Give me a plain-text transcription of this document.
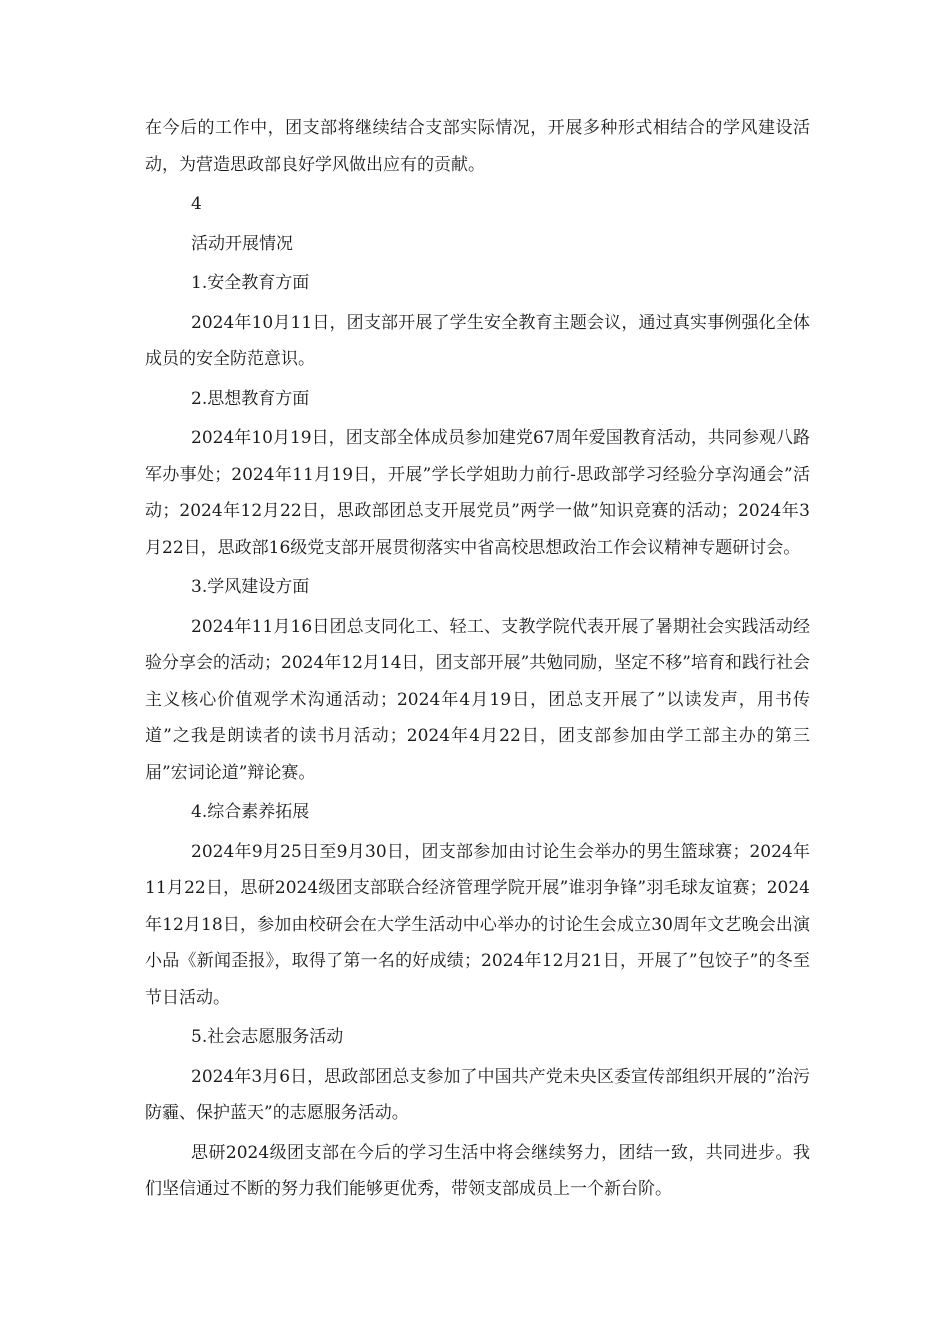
在今后的工作中，团支部将继续结合支部实际情况，开展多种形式相结合的学风建设活动，为营造思政部良好学风做出应有的贡献。

4

活动开展情况

1.安全教育方面

2024年10月11日，团支部开展了学生安全教育主题会议，通过真实事例强化全体成员的安全防范意识。

2.思想教育方面

2024年10月19日，团支部全体成员参加建党67周年爱国教育活动，共同参观八路军办事处；2024年11月19日，开展”学长学姐助力前行-思政部学习经验分享沟通会”活动；2024年12月22日，思政部团总支开展党员”两学一做”知识竞赛的活动；2024年3月22日，思政部16级党支部开展贯彻落实中省高校思想政治工作会议精神专题研讨会。

3.学风建设方面

2024年11月16日团总支同化工、轻工、支教学院代表开展了暑期社会实践活动经验分享会的活动；2024年12月14日，团支部开展”共勉同励，坚定不移”培育和践行社会主义核心价值观学术沟通活动；2024年4月19日，团总支开展了”以读发声，用书传道”之我是朗读者的读书月活动；2024年4月22日，团支部参加由学工部主办的第三届”宏词论道”辩论赛。

4.综合素养拓展

2024年9月25日至9月30日，团支部参加由讨论生会举办的男生篮球赛；2024年11月22日，思研2024级团支部联合经济管理学院开展”谁羽争锋”羽毛球友谊赛；2024年12月18日，参加由校研会在大学生活动中心举办的讨论生会成立30周年文艺晚会出演小品《新闻歪报》，取得了第一名的好成绩；2024年12月21日，开展了”包饺子”的冬至节日活动。

5.社会志愿服务活动

2024年3月6日，思政部团总支参加了中国共产党未央区委宣传部组织开展的”治污防霾、保护蓝天”的志愿服务活动。

思研2024级团支部在今后的学习生活中将会继续努力，团结一致，共同进步。我们坚信通过不断的努力我们能够更优秀，带领支部成员上一个新台阶。
